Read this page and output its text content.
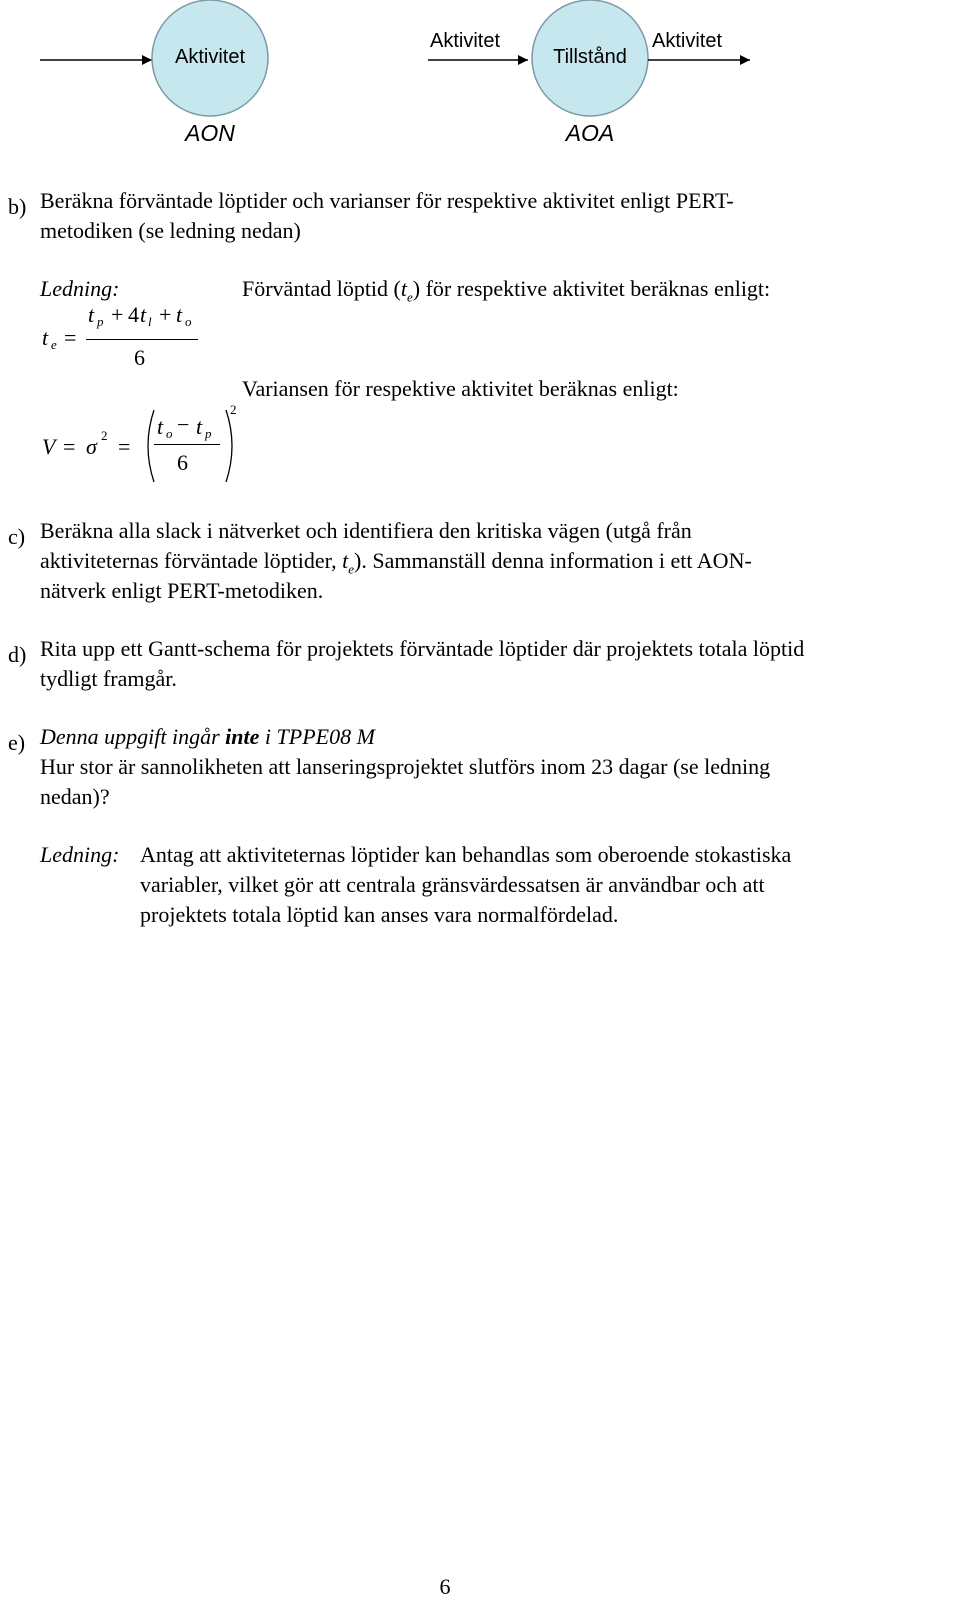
Aktivitet
AON
Aktivitet
Tillstånd
Aktivitet
AOA
b) Beräkna förväntade löptider och varianser för respektive aktivitet enligt PERT-
metodiken (se ledning nedan)
Ledning:	Förväntad löptid $(t_e)$ för respektive aktivitet beräknas enligt:
t e =
t p + 4 t l + t o
6
Variansen för respektive aktivitet beräknas enligt:
V = σ 2 =
t o − t p
6
2
c) Beräkna alla slack i nätverket och identifiera den kritiska vägen (utgå från
aktiviteternas förväntade löptider, $t_e$). Sammanställ denna information i ett AON-
nätverk enligt PERT-metodiken.
d) Rita upp ett Gantt-schema för projektets förväntade löptider där projektets totala löptid
tydligt framgår.
e) Denna uppgift ingår inte i TPPE08 M
Hur stor är sannolikheten att lanseringsprojektet slutförs inom 23 dagar (se ledning
nedan)?
Ledning: Antag att aktiviteternas löptider kan behandlas som oberoende stokastiska
variabler, vilket gör att centrala gränsvärdessatsen är användbar och att
projektets totala löptid kan anses vara normalfördelad.
6
